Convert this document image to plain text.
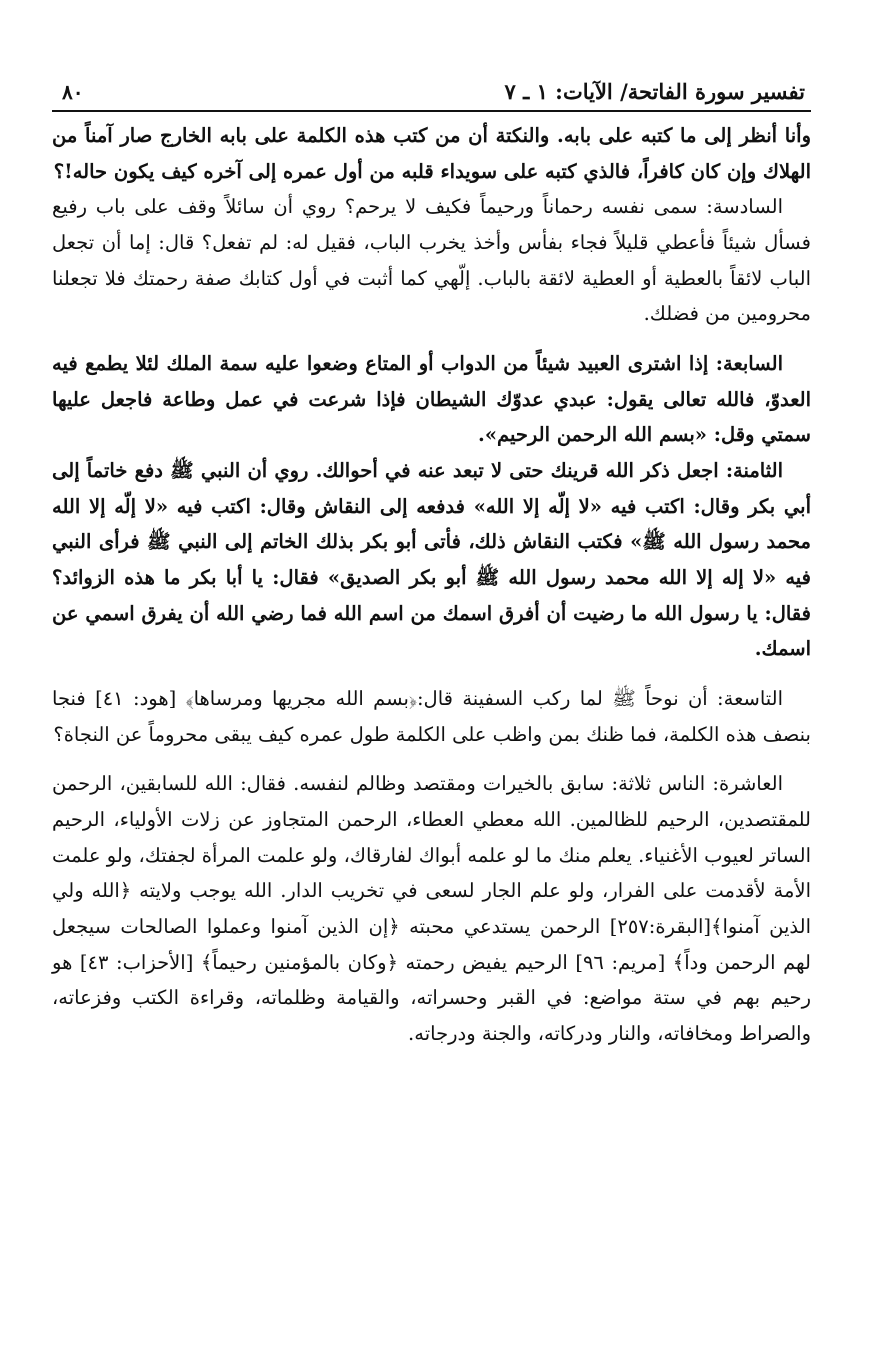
تفسير سورة الفاتحة/ الآيات: ١ ـ ٧
٨٠

وأنا أنظر إلى ما كتبه على بابه. والنكتة أن من كتب هذه الكلمة على بابه الخارج صار آمناً من الهلاك وإن كان كافراً، فالذي كتبه على سويداء قلبه من أول عمره إلى آخره كيف يكون حاله!؟

السادسة: سمى نفسه رحماناً ورحيماً فكيف لا يرحم؟ روي أن سائلاً وقف على باب رفيع فسأل شيئاً فأعطي قليلاً فجاء بفأس وأخذ يخرب الباب، فقيل له: لم تفعل؟ قال: إما أن تجعل الباب لائقاً بالعطية أو العطية لائقة بالباب. إلّهي كما أثبت في أول كتابك صفة رحمتك فلا تجعلنا محرومين من فضلك.

السابعة: إذا اشترى العبيد شيئاً من الدواب أو المتاع وضعوا عليه سمة الملك لئلا يطمع فيه العدوّ، فالله تعالى يقول: عبدي عدوّك الشيطان فإذا شرعت في عمل وطاعة فاجعل عليها سمتي وقل: «بسم الله الرحمن الرحيم».

الثامنة: اجعل ذكر الله قرينك حتى لا تبعد عنه في أحوالك. روي أن النبي ﷺ دفع خاتماً إلى أبي بكر وقال: اكتب فيه «لا إلّه إلا الله» فدفعه إلى النقاش وقال: اكتب فيه «لا إلّه إلا الله محمد رسول الله ﷺ» فكتب النقاش ذلك، فأتى أبو بكر بذلك الخاتم إلى النبي ﷺ فرأى النبي فيه «لا إله إلا الله محمد رسول الله ﷺ أبو بكر الصديق» فقال: يا أبا بكر ما هذه الزوائد؟ فقال: يا رسول الله ما رضيت أن أفرق اسمك من اسم الله فما رضي الله أن يفرق اسمي عن اسمك.

التاسعة: أن نوحاً ﷺ لما ركب السفينة قال:﴿بسم الله مجريها ومرساها﴾ [هود: ٤١] فنجا بنصف هذه الكلمة، فما ظنك بمن واظب على الكلمة طول عمره كيف يبقى محروماً عن النجاة؟

العاشرة: الناس ثلاثة: سابق بالخيرات ومقتصد وظالم لنفسه. فقال: الله للسابقين، الرحمن للمقتصدين، الرحيم للظالمين. الله معطي العطاء، الرحمن المتجاوز عن زلات الأولياء، الرحيم الساتر لعيوب الأغنياء. يعلم منك ما لو علمه أبواك لفارقاك، ولو علمت المرأة لجفتك، ولو علمت الأمة لأقدمت على الفرار، ولو علم الجار لسعى في تخريب الدار. الله يوجب ولايته ﴿الله ولي الذين آمنوا﴾[البقرة:٢٥٧] الرحمن يستدعي محبته ﴿إن الذين آمنوا وعملوا الصالحات سيجعل لهم الرحمن وداً﴾ [مريم: ٩٦] الرحيم يفيض رحمته ﴿وكان بالمؤمنين رحيماً﴾ [الأحزاب: ٤٣] هو رحيم بهم في ستة مواضع: في القبر وحسراته، والقيامة وظلماته، وقراءة الكتب وفزعاته، والصراط ومخافاته، والنار ودركاته، والجنة ودرجاته.
